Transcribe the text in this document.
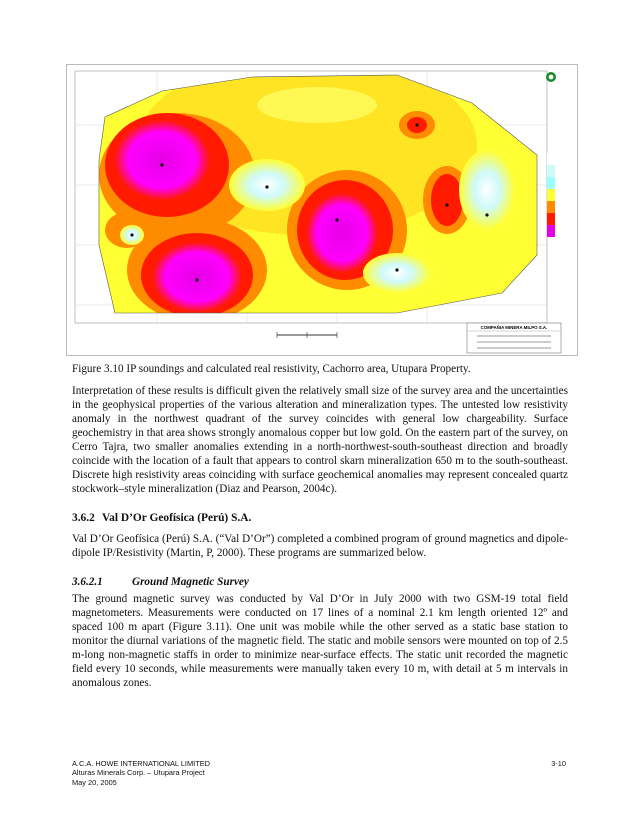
COMPAÑIA MINERA MILPO S.A.
Figure 3.10 IP soundings and calculated real resistivity, Cachorro area, Utupara Property.

Interpretation of these results is difficult given the relatively small size of the survey area and the uncertainties in the geophysical properties of the various alteration and mineralization types. The untested low resistivity anomaly in the northwest quadrant of the survey coincides with general low chargeability. Surface geochemistry in that area shows strongly anomalous copper but low gold. On the eastern part of the survey, on Cerro Tajra, two smaller anomalies extending in a north-northwest-south-southeast direction and broadly coincide with the location of a fault that appears to control skarn mineralization 650 m to the south-southeast. Discrete high resistivity areas coinciding with surface geochemical anomalies may represent concealed quartz stockwork–style mineralization (Diaz and Pearson, 2004c).

3.6.2 Val D’Or Geofísica (Perú) S.A.

Val D’Or Geofísica (Perú) S.A. (“Val D’Or”) completed a combined program of ground magnetics and dipole-dipole IP/Resistivity (Martin, P, 2000). These programs are summarized below.

3.6.2.1	Ground Magnetic Survey

The ground magnetic survey was conducted by Val D’Or in July 2000 with two GSM-19 total field magnetometers. Measurements were conducted on 17 lines of a nominal 2.1 km length oriented 12º and spaced 100 m apart (Figure 3.11). One unit was mobile while the other served as a static base station to monitor the diurnal variations of the magnetic field. The static and mobile sensors were mounted on top of 2.5 m-long non-magnetic staffs in order to minimize near-surface effects. The static unit recorded the magnetic field every 10 seconds, while measurements were manually taken every 10 m, with detail at 5 m intervals in anomalous zones.

A.C.A. HOWE INTERNATIONAL LIMITED
Alturas Minerals Corp. – Utupara Project
May 20, 2005
3-10
